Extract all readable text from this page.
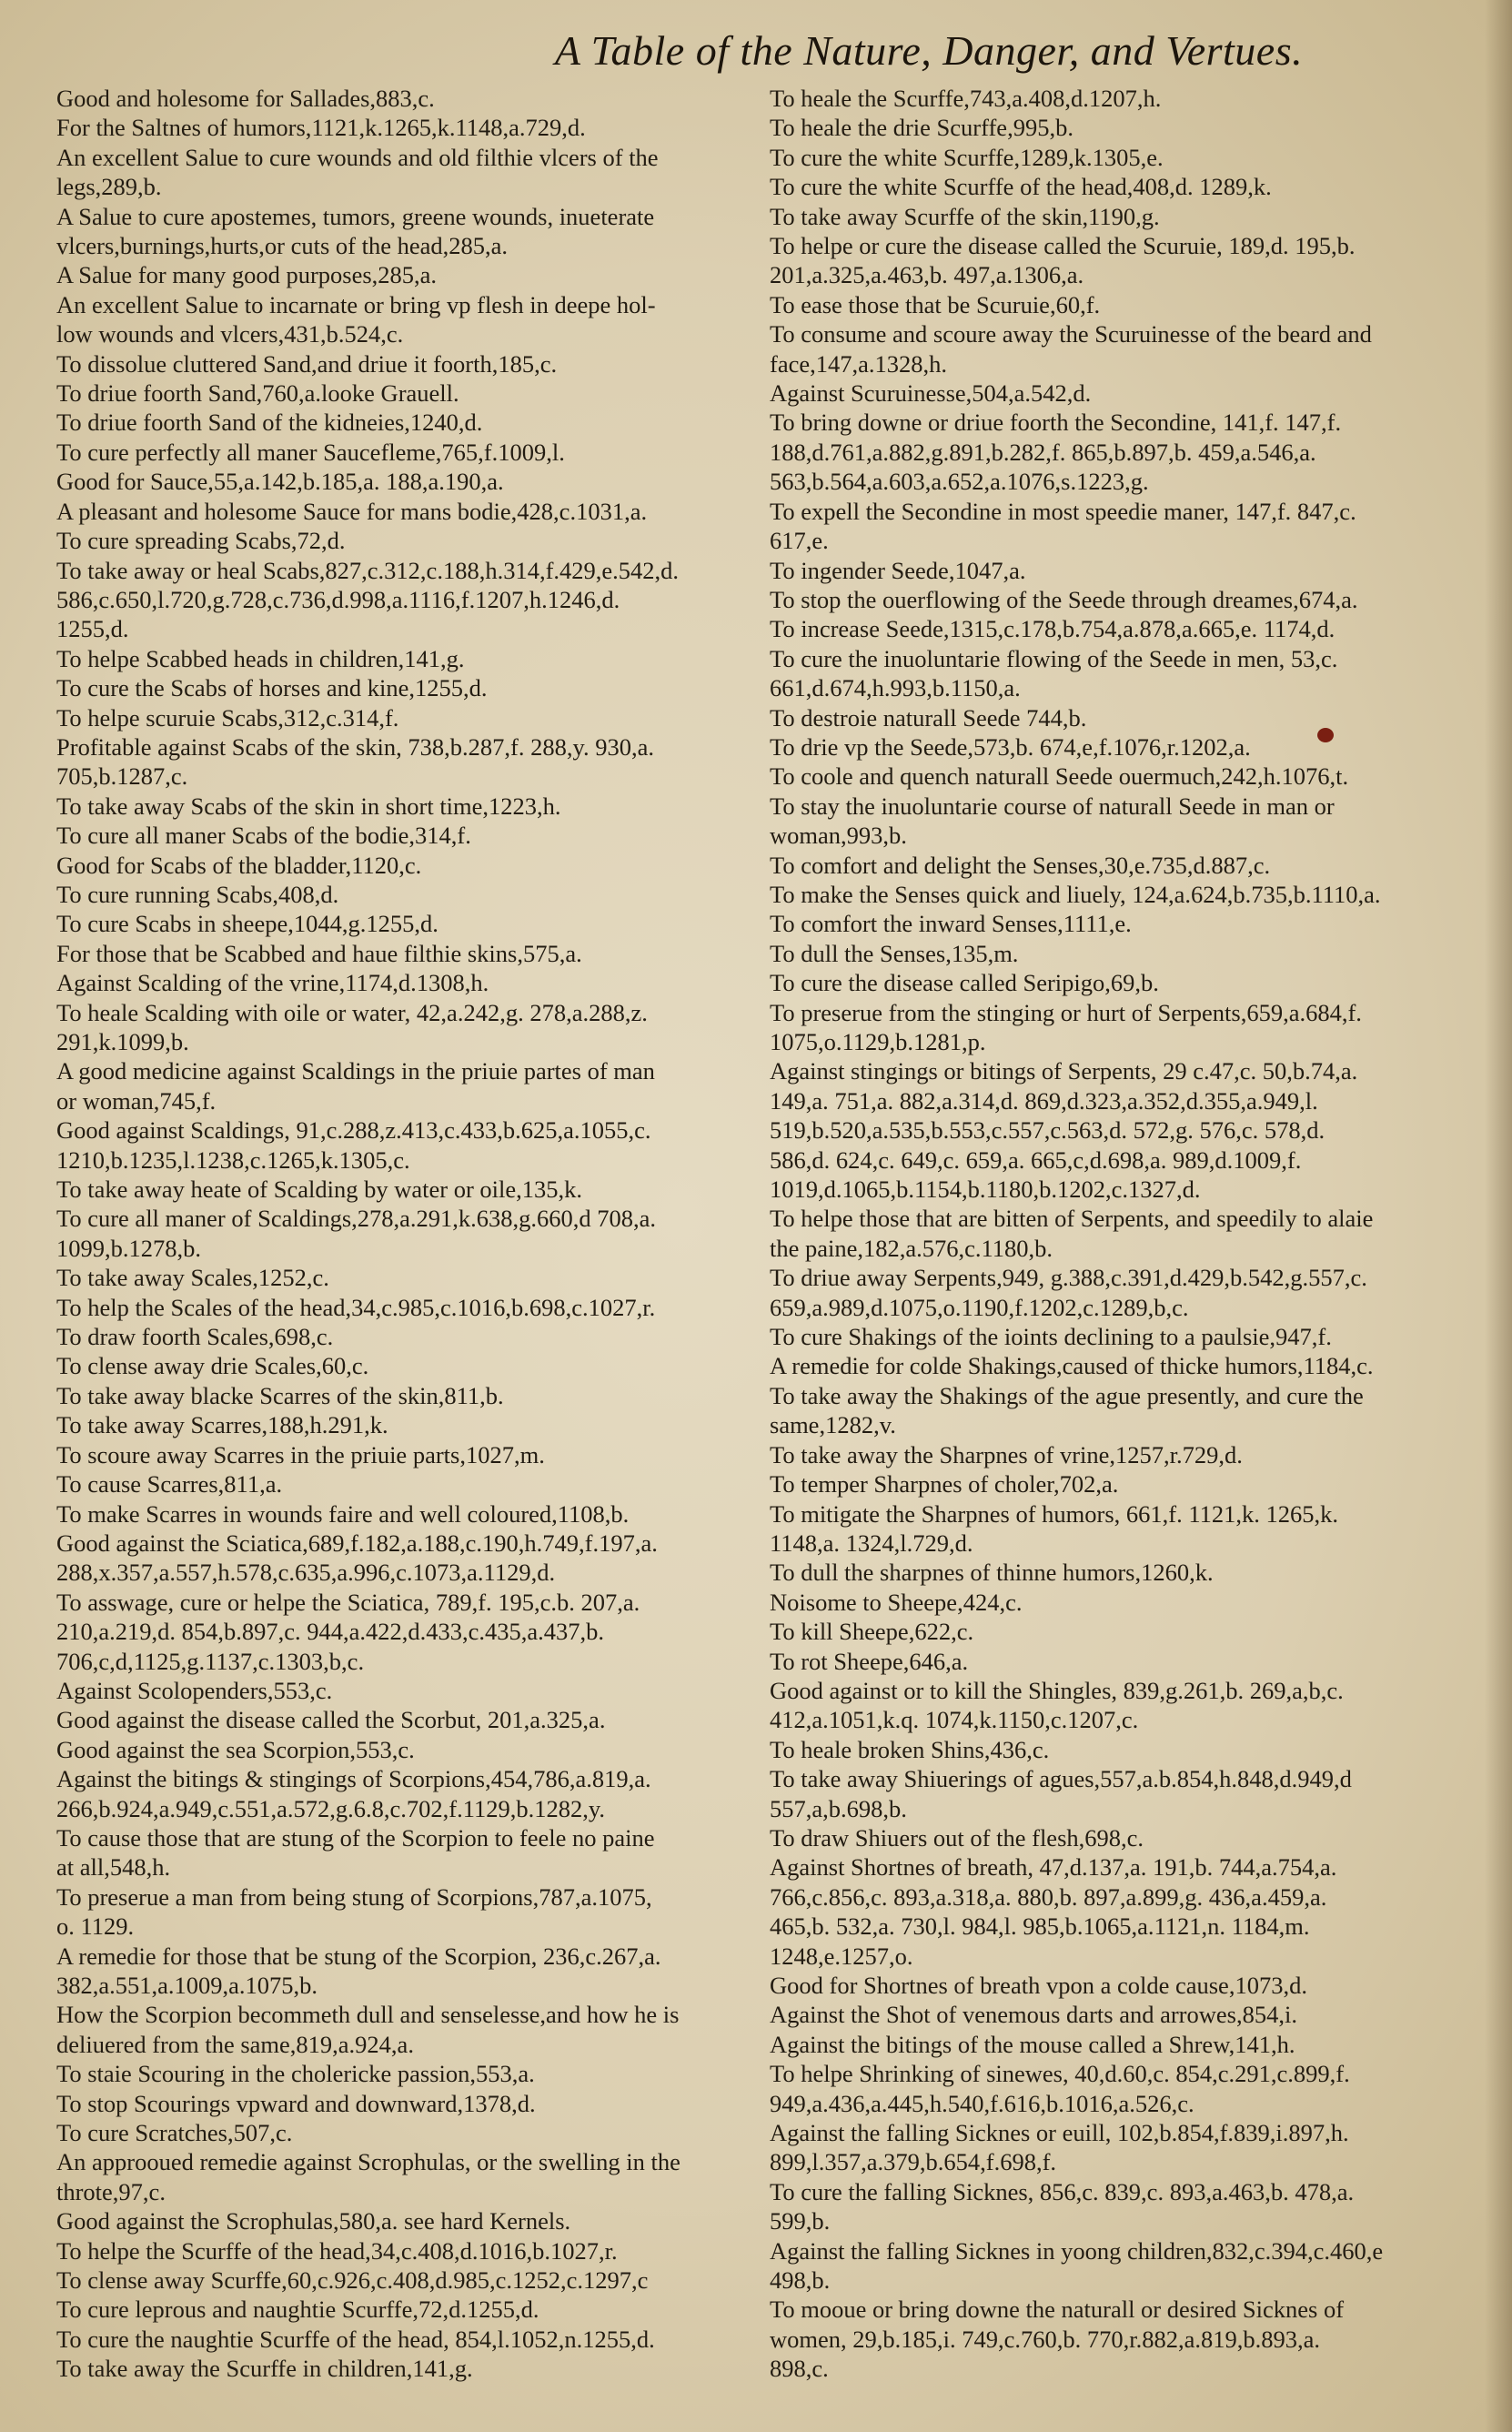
A Table of the Nature, Danger, and Vertues.
Good and holesome for Sallades,883,c.
For the Saltnes of humors,1121,k.1265,k.1148,a.729,d.
An excellent Salue to cure wounds and old filthie vlcers of the
legs,289,b.
A Salue to cure apostemes, tumors, greene wounds, inueterate
vlcers,burnings,hurts,or cuts of the head,285,a.
A Salue for many good purposes,285,a.
An excellent Salue to incarnate or bring vp flesh in deepe hol-
low wounds and vlcers,431,b.524,c.
To dissolue cluttered Sand,and driue it foorth,185,c.
To driue foorth Sand,760,a.looke Grauell.
To driue foorth Sand of the kidneies,1240,d.
To cure perfectly all maner Saucefleme,765,f.1009,l.
Good for Sauce,55,a.142,b.185,a. 188,a.190,a.
A pleasant and holesome Sauce for mans bodie,428,c.1031,a.
To cure spreading Scabs,72,d.
To take away or heal Scabs,827,c.312,c.188,h.314,f.429,e.542,d.
586,c.650,l.720,g.728,c.736,d.998,a.1116,f.1207,h.1246,d.
1255,d.
To helpe Scabbed heads in children,141,g.
To cure the Scabs of horses and kine,1255,d.
To helpe scuruie Scabs,312,c.314,f.
Profitable against Scabs of the skin, 738,b.287,f. 288,y. 930,a.
705,b.1287,c.
To take away Scabs of the skin in short time,1223,h.
To cure all maner Scabs of the bodie,314,f.
Good for Scabs of the bladder,1120,c.
To cure running Scabs,408,d.
To cure Scabs in sheepe,1044,g.1255,d.
For those that be Scabbed and haue filthie skins,575,a.
Against Scalding of the vrine,1174,d.1308,h.
To heale Scalding with oile or water, 42,a.242,g. 278,a.288,z.
291,k.1099,b.
A good medicine against Scaldings in the priuie partes of man
or woman,745,f.
Good against Scaldings, 91,c.288,z.413,c.433,b.625,a.1055,c.
1210,b.1235,l.1238,c.1265,k.1305,c.
To take away heate of Scalding by water or oile,135,k.
To cure all maner of Scaldings,278,a.291,k.638,g.660,d 708,a.
1099,b.1278,b.
To take away Scales,1252,c.
To help the Scales of the head,34,c.985,c.1016,b.698,c.1027,r.
To draw foorth Scales,698,c.
To clense away drie Scales,60,c.
To take away blacke Scarres of the skin,811,b.
To take away Scarres,188,h.291,k.
To scoure away Scarres in the priuie parts,1027,m.
To cause Scarres,811,a.
To make Scarres in wounds faire and well coloured,1108,b.
Good against the Sciatica,689,f.182,a.188,c.190,h.749,f.197,a.
288,x.357,a.557,h.578,c.635,a.996,c.1073,a.1129,d.
To asswage, cure or helpe the Sciatica, 789,f. 195,c.b. 207,a.
210,a.219,d. 854,b.897,c. 944,a.422,d.433,c.435,a.437,b.
706,c,d,1125,g.1137,c.1303,b,c.
Against Scolopenders,553,c.
Good against the disease called the Scorbut, 201,a.325,a.
Good against the sea Scorpion,553,c.
Against the bitings & stingings of Scorpions,454,786,a.819,a.
266,b.924,a.949,c.551,a.572,g.6.8,c.702,f.1129,b.1282,y.
To cause those that are stung of the Scorpion to feele no paine
at all,548,h.
To preserue a man from being stung of Scorpions,787,a.1075,
o. 1129.
A remedie for those that be stung of the Scorpion, 236,c.267,a.
382,a.551,a.1009,a.1075,b.
How the Scorpion becommeth dull and senselesse,and how he is
deliuered from the same,819,a.924,a.
To staie Scouring in the cholericke passion,553,a.
To stop Scourings vpward and downward,1378,d.
To cure Scratches,507,c.
An approoued remedie against Scrophulas, or the swelling in the
throte,97,c.
Good against the Scrophulas,580,a. see hard Kernels.
To helpe the Scurffe of the head,34,c.408,d.1016,b.1027,r.
To clense away Scurffe,60,c.926,c.408,d.985,c.1252,c.1297,c
To cure leprous and naughtie Scurffe,72,d.1255,d.
To cure the naughtie Scurffe of the head, 854,l.1052,n.1255,d.
To take away the Scurffe in children,141,g.
To heale the Scurffe,743,a.408,d.1207,h.
To heale the drie Scurffe,995,b.
To cure the white Scurffe,1289,k.1305,e.
To cure the white Scurffe of the head,408,d. 1289,k.
To take away Scurffe of the skin,1190,g.
To helpe or cure the disease called the Scuruie, 189,d. 195,b.
201,a.325,a.463,b. 497,a.1306,a.
To ease those that be Scuruie,60,f.
To consume and scoure away the Scuruinesse of the beard and
face,147,a.1328,h.
Against Scuruinesse,504,a.542,d.
To bring downe or driue foorth the Secondine, 141,f. 147,f.
188,d.761,a.882,g.891,b.282,f. 865,b.897,b. 459,a.546,a.
563,b.564,a.603,a.652,a.1076,s.1223,g.
To expell the Secondine in most speedie maner, 147,f. 847,c.
617,e.
To ingender Seede,1047,a.
To stop the ouerflowing of the Seede through dreames,674,a.
To increase Seede,1315,c.178,b.754,a.878,a.665,e. 1174,d.
To cure the inuoluntarie flowing of the Seede in men, 53,c.
661,d.674,h.993,b.1150,a.
To destroie naturall Seede 744,b.
To drie vp the Seede,573,b. 674,e,f.1076,r.1202,a.
To coole and quench naturall Seede ouermuch,242,h.1076,t.
To stay the inuoluntarie course of naturall Seede in man or
woman,993,b.
To comfort and delight the Senses,30,e.735,d.887,c.
To make the Senses quick and liuely, 124,a.624,b.735,b.1110,a.
To comfort the inward Senses,1111,e.
To dull the Senses,135,m.
To cure the disease called Seripigo,69,b.
To preserue from the stinging or hurt of Serpents,659,a.684,f.
1075,o.1129,b.1281,p.
Against stingings or bitings of Serpents, 29 c.47,c. 50,b.74,a.
149,a. 751,a. 882,a.314,d. 869,d.323,a.352,d.355,a.949,l.
519,b.520,a.535,b.553,c.557,c.563,d. 572,g. 576,c. 578,d.
586,d. 624,c. 649,c. 659,a. 665,c,d.698,a. 989,d.1009,f.
1019,d.1065,b.1154,b.1180,b.1202,c.1327,d.
To helpe those that are bitten of Serpents, and speedily to alaie
the paine,182,a.576,c.1180,b.
To driue away Serpents,949, g.388,c.391,d.429,b.542,g.557,c.
659,a.989,d.1075,o.1190,f.1202,c.1289,b,c.
To cure Shakings of the ioints declining to a paulsie,947,f.
A remedie for colde Shakings,caused of thicke humors,1184,c.
To take away the Shakings of the ague presently, and cure the
same,1282,v.
To take away the Sharpnes of vrine,1257,r.729,d.
To temper Sharpnes of choler,702,a.
To mitigate the Sharpnes of humors, 661,f. 1121,k. 1265,k.
1148,a. 1324,l.729,d.
To dull the sharpnes of thinne humors,1260,k.
Noisome to Sheepe,424,c.
To kill Sheepe,622,c.
To rot Sheepe,646,a.
Good against or to kill the Shingles, 839,g.261,b. 269,a,b,c.
412,a.1051,k.q. 1074,k.1150,c.1207,c.
To heale broken Shins,436,c.
To take away Shiuerings of agues,557,a.b.854,h.848,d.949,d
557,a,b.698,b.
To draw Shiuers out of the flesh,698,c.
Against Shortnes of breath, 47,d.137,a. 191,b. 744,a.754,a.
766,c.856,c. 893,a.318,a. 880,b. 897,a.899,g. 436,a.459,a.
465,b. 532,a. 730,l. 984,l. 985,b.1065,a.1121,n. 1184,m.
1248,e.1257,o.
Good for Shortnes of breath vpon a colde cause,1073,d.
Against the Shot of venemous darts and arrowes,854,i.
Against the bitings of the mouse called a Shrew,141,h.
To helpe Shrinking of sinewes, 40,d.60,c. 854,c.291,c.899,f.
949,a.436,a.445,h.540,f.616,b.1016,a.526,c.
Against the falling Sicknes or euill, 102,b.854,f.839,i.897,h.
899,l.357,a.379,b.654,f.698,f.
To cure the falling Sicknes, 856,c. 839,c. 893,a.463,b. 478,a.
599,b.
Against the falling Sicknes in yoong children,832,c.394,c.460,e
498,b.
To mooue or bring downe the naturall or desired Sicknes of
women, 29,b.185,i. 749,c.760,b. 770,r.882,a.819,b.893,a.
898,c.
